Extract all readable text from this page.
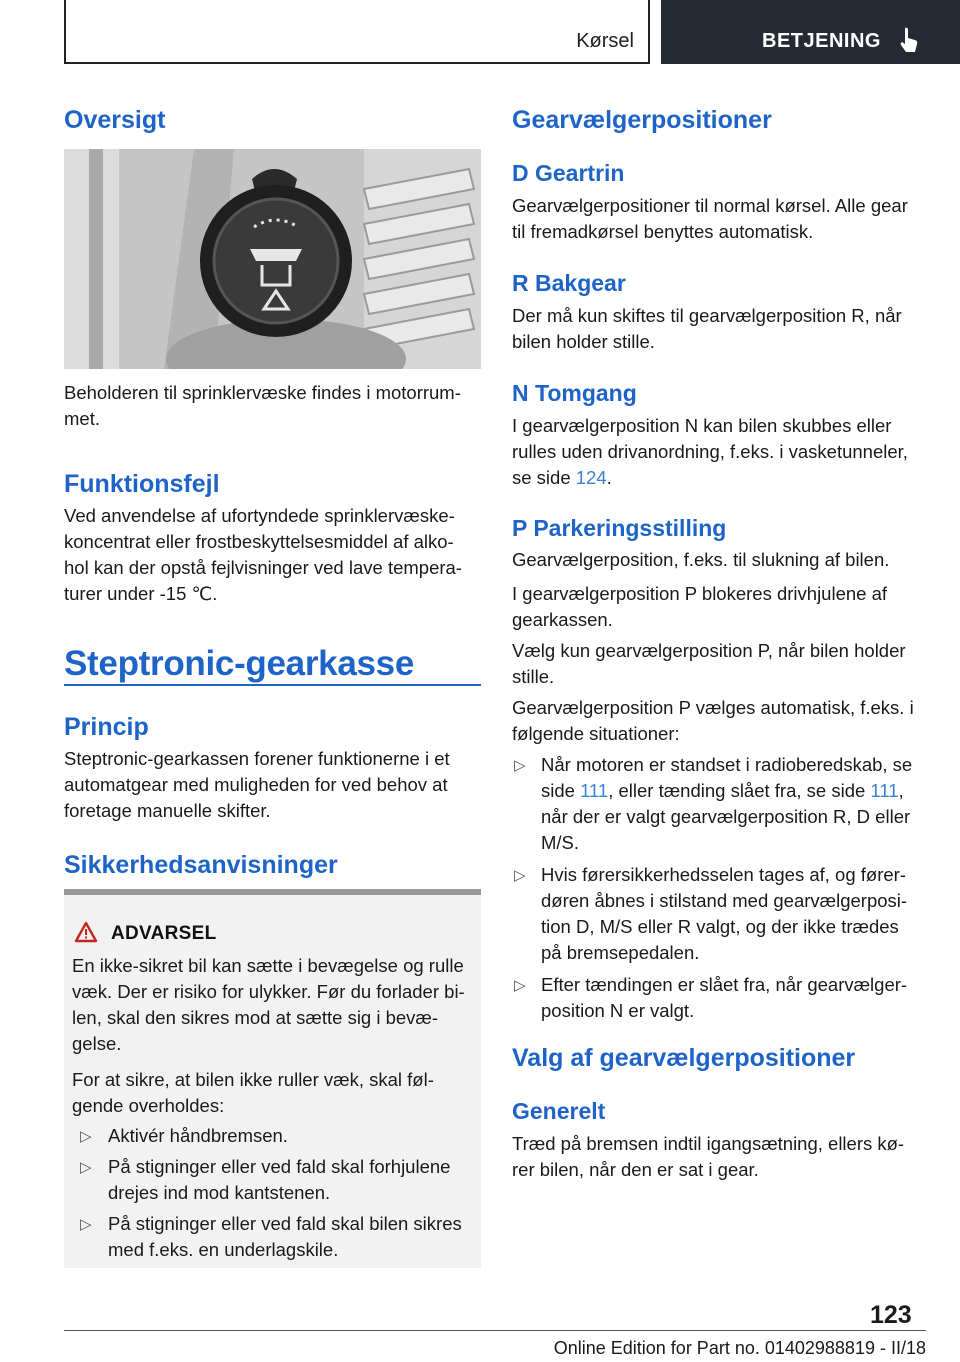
Kørsel	BETJENING
Oversigt
Beholderen til sprinklervæske findes i motorrum-
met.
Funktionsfejl
Ved anvendelse af ufortyndede sprinklervæske-
koncentrat eller frostbeskyttelsesmiddel af alko-
hol kan der opstå fejlvisninger ved lave tempera-
turer under -15 ℃.
Steptronic-gearkasse
Princip
Steptronic-gearkassen forener funktionerne i et
automatgear med muligheden for ved behov at
foretage manuelle skifter.
Sikkerhedsanvisninger
ADVARSEL
En ikke-sikret bil kan sætte i bevægelse og rulle
væk. Der er risiko for ulykker. Før du forlader bi-
len, skal den sikres mod at sætte sig i bevæ-
gelse.
For at sikre, at bilen ikke ruller væk, skal føl-
gende overholdes:
▷ Aktivér håndbremsen.
▷ På stigninger eller ved fald skal forhjulene
drejes ind mod kantstenen.
▷ På stigninger eller ved fald skal bilen sikres
med f.eks. en underlagskile.
Gearvælgerpositioner
D Geartrin
Gearvælgerpositioner til normal kørsel. Alle gear
til fremadkørsel benyttes automatisk.
R Bakgear
Der må kun skiftes til gearvælgerposition R, når
bilen holder stille.
N Tomgang
I gearvælgerposition N kan bilen skubbes eller
rulles uden drivanordning, f.eks. i vasketunneler,
se side 124.
P Parkeringsstilling
Gearvælgerposition, f.eks. til slukning af bilen.
I gearvælgerposition P blokeres drivhjulene af
gearkassen.
Vælg kun gearvælgerposition P, når bilen holder
stille.
Gearvælgerposition P vælges automatisk, f.eks. i
følgende situationer:
▷ Når motoren er standset i radioberedskab, se
side 111, eller tænding slået fra, se side 111,
når der er valgt gearvælgerposition R, D eller
M/S.
▷ Hvis førersikkerhedsselen tages af, og fører-
døren åbnes i stilstand med gearvælgerposi-
tion D, M/S eller R valgt, og der ikke trædes
på bremsepedalen.
▷ Efter tændingen er slået fra, når gearvælger-
position N er valgt.
Valg af gearvælgerpositioner
Generelt
Træd på bremsen indtil igangsætning, ellers kø-
rer bilen, når den er sat i gear.
123
Online Edition for Part no. 01402988819 - II/18
